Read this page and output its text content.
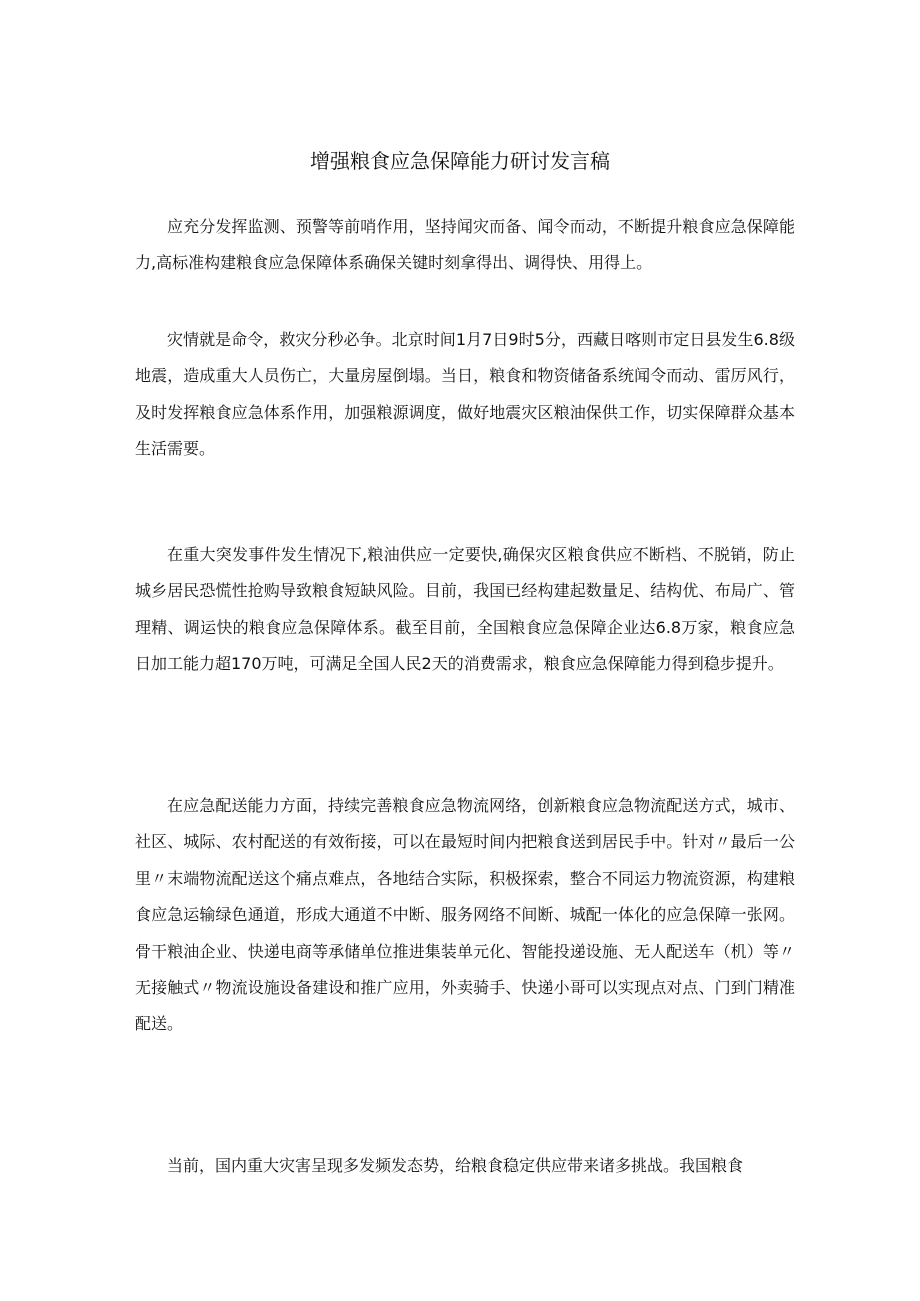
增强粮食应急保障能力研讨发言稿

应充分发挥监测、预警等前哨作用，坚持闻灾而备、闻令而动，不断提升粮食应急保障能力,高标准构建粮食应急保障体系确保关键时刻拿得出、调得快、用得上。

灾情就是命令，救灾分秒必争。北京时间1月7日9时5分，西藏日喀则市定日县发生6.8级地震，造成重大人员伤亡，大量房屋倒塌。当日，粮食和物资储备系统闻令而动、雷厉风行，及时发挥粮食应急体系作用，加强粮源调度，做好地震灾区粮油保供工作，切实保障群众基本生活需要。

在重大突发事件发生情况下,粮油供应一定要快,确保灾区粮食供应不断档、不脱销，防止城乡居民恐慌性抢购导致粮食短缺风险。目前，我国已经构建起数量足、结构优、布局广、管理精、调运快的粮食应急保障体系。截至目前，全国粮食应急保障企业达6.8万家，粮食应急日加工能力超170万吨，可满足全国人民2天的消费需求，粮食应急保障能力得到稳步提升。

在应急配送能力方面，持续完善粮食应急物流网络，创新粮食应急物流配送方式，城市、社区、城际、农村配送的有效衔接，可以在最短时间内把粮食送到居民手中。针对〃最后一公里〃末端物流配送这个痛点难点，各地结合实际，积极探索，整合不同运力物流资源，构建粮食应急运输绿色通道，形成大通道不中断、服务网络不间断、城配一体化的应急保障一张网。骨干粮油企业、快递电商等承储单位推进集装单元化、智能投递设施、无人配送车（机）等〃无接触式〃物流设施设备建设和推广应用，外卖骑手、快递小哥可以实现点对点、门到门精准配送。

当前，国内重大灾害呈现多发频发态势，给粮食稳定供应带来诸多挑战。我国粮食
